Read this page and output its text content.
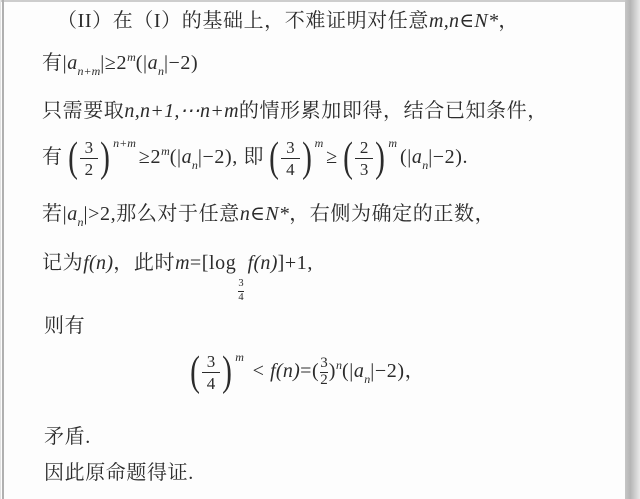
（II）在（I）的基础上，不难证明对任意m,n∈N*，
有$|a_{n+m}|\ge 2^m(|a_n|-2)$
只需要取n,n+1,⋯n+m的情形累加即得，结合已知条件，
有 ( $\frac{3}{2}$ ) n+m
$\ge 2^m(|a_n|-2)$, 即 ( $\frac{3}{4}$ ) m
≥ ( $\frac{2}{3}$ ) m
$(|a_n|-2)$.
若$|a_n|>2$,那么对于任意n∈N*，右侧为确定的正数，
记为f(n)，此时m=[log
$\frac{3}{4}$
f(n)]+1,
则有
( $\frac{3}{4}$ ) m
< $f(n)=( \frac{3}{2} )^n(|a_n|-2)$，
矛盾.
因此原命题得证.
